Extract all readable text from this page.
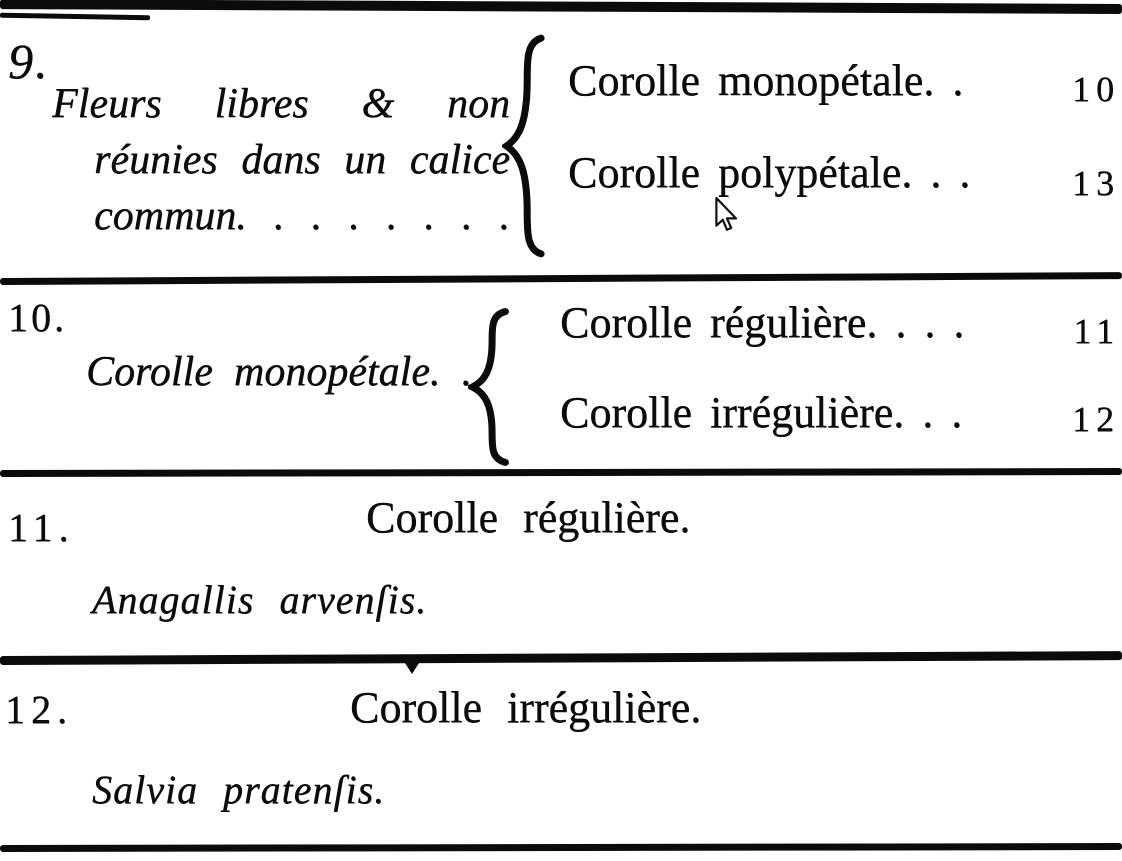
9.
Fleurs libres & non
réunies dans un calice
commun. . . . . . . .
Corolle monopétale. .	10
Corolle polypétale. . .	13
10.
Corolle monopétale. .
Corolle régulière. . . .	11
Corolle irrégulière. . .	12
11.	Corolle régulière.
Anagallis arvenſis.
12.	Corolle irrégulière.
Salvia pratenſis.
